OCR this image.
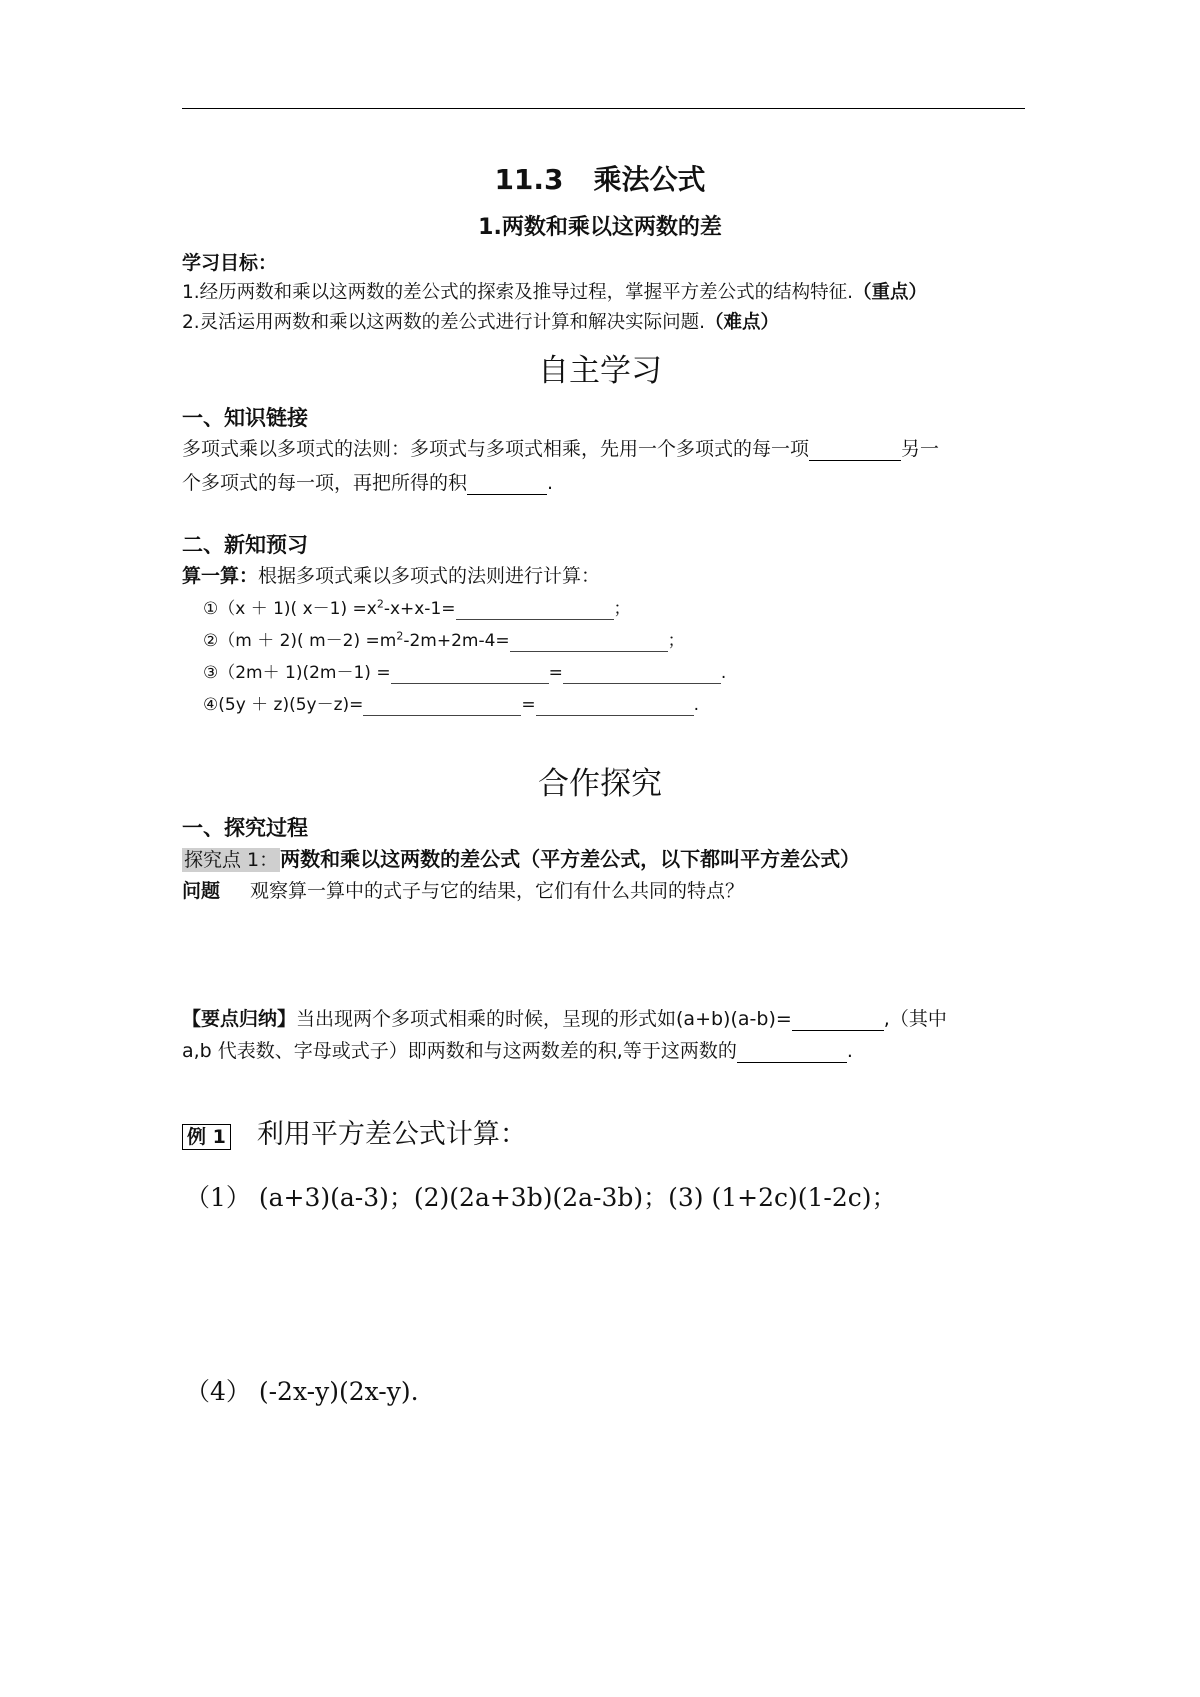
11.3 乘法公式
1.两数和乘以这两数的差
学习目标：
1.经历两数和乘以这两数的差公式的探索及推导过程，掌握平方差公式的结构特征.（重点）
2.灵活运用两数和乘以这两数的差公式进行计算和解决实际问题.（难点）
自主学习
一、知识链接
多项式乘以多项式的法则：多项式与多项式相乘，先用一个多项式的每一项	另一
个多项式的每一项，再把所得的积	.
二、新知预习
算一算：根据多项式乘以多项式的法则进行计算：
①（x ＋ 1)( $x-1) =x^2-x+x-1=$	；
②（m ＋ 2)( $m-2) =m^2-2m+2m-4=$	；
③（2m＋ 1)(2m－1) =	=	.
④(5y ＋ z)(5y－z)=	=	.
合作探究
一、探究过程
探究点 1： 两数和乘以这两数的差公式（平方差公式，以下都叫平方差公式）
问题 观察算一算中的式子与它的结果，它们有什么共同的特点？
【要点归纳】当出现两个多项式相乘的时候，呈现的形式如(a+b)(a-b)=	,（其中
a,b 代表数、字母或式子）即两数和与这两数差的积,等于这两数的	.
例 1 利用平方差公式计算：
（1） (a+3)(a-3)；(2)(2a+3b)(2a-3b)；(3) (1+2c)(1-2c)；
（4） (-2x-y)(2x-y).
